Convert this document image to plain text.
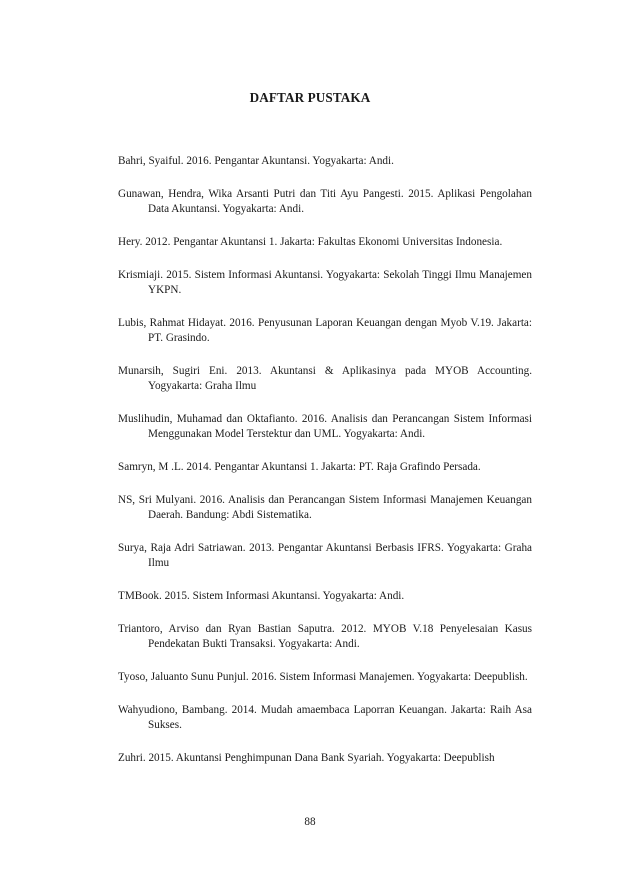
DAFTAR PUSTAKA
Bahri, Syaiful. 2016. Pengantar Akuntansi. Yogyakarta: Andi.
Gunawan, Hendra, Wika Arsanti Putri dan Titi Ayu Pangesti. 2015. Aplikasi Pengolahan Data Akuntansi. Yogyakarta: Andi.
Hery. 2012. Pengantar Akuntansi 1. Jakarta: Fakultas Ekonomi Universitas Indonesia.
Krismiaji. 2015. Sistem Informasi Akuntansi. Yogyakarta: Sekolah Tinggi Ilmu Manajemen YKPN.
Lubis, Rahmat Hidayat. 2016. Penyusunan Laporan Keuangan dengan Myob V.19. Jakarta: PT. Grasindo.
Munarsih, Sugiri Eni. 2013. Akuntansi & Aplikasinya pada MYOB Accounting. Yogyakarta: Graha Ilmu
Muslihudin, Muhamad dan Oktafianto. 2016. Analisis dan Perancangan Sistem Informasi Menggunakan Model Terstektur dan UML. Yogyakarta: Andi.
Samryn, M .L. 2014. Pengantar Akuntansi 1. Jakarta: PT. Raja Grafindo Persada.
NS, Sri Mulyani. 2016. Analisis dan Perancangan Sistem Informasi Manajemen Keuangan Daerah. Bandung: Abdi Sistematika.
Surya, Raja Adri Satriawan. 2013. Pengantar Akuntansi Berbasis IFRS. Yogyakarta: Graha Ilmu
TMBook. 2015. Sistem Informasi Akuntansi. Yogyakarta: Andi.
Triantoro, Arviso dan Ryan Bastian Saputra. 2012. MYOB V.18 Penyelesaian Kasus Pendekatan Bukti Transaksi. Yogyakarta: Andi.
Tyoso, Jaluanto Sunu Punjul. 2016. Sistem Informasi Manajemen. Yogyakarta: Deepublish.
Wahyudiono, Bambang. 2014. Mudah amaembaca Laporran Keuangan. Jakarta: Raih Asa Sukses.
Zuhri. 2015. Akuntansi Penghimpunan Dana Bank Syariah. Yogyakarta: Deepublish
88
